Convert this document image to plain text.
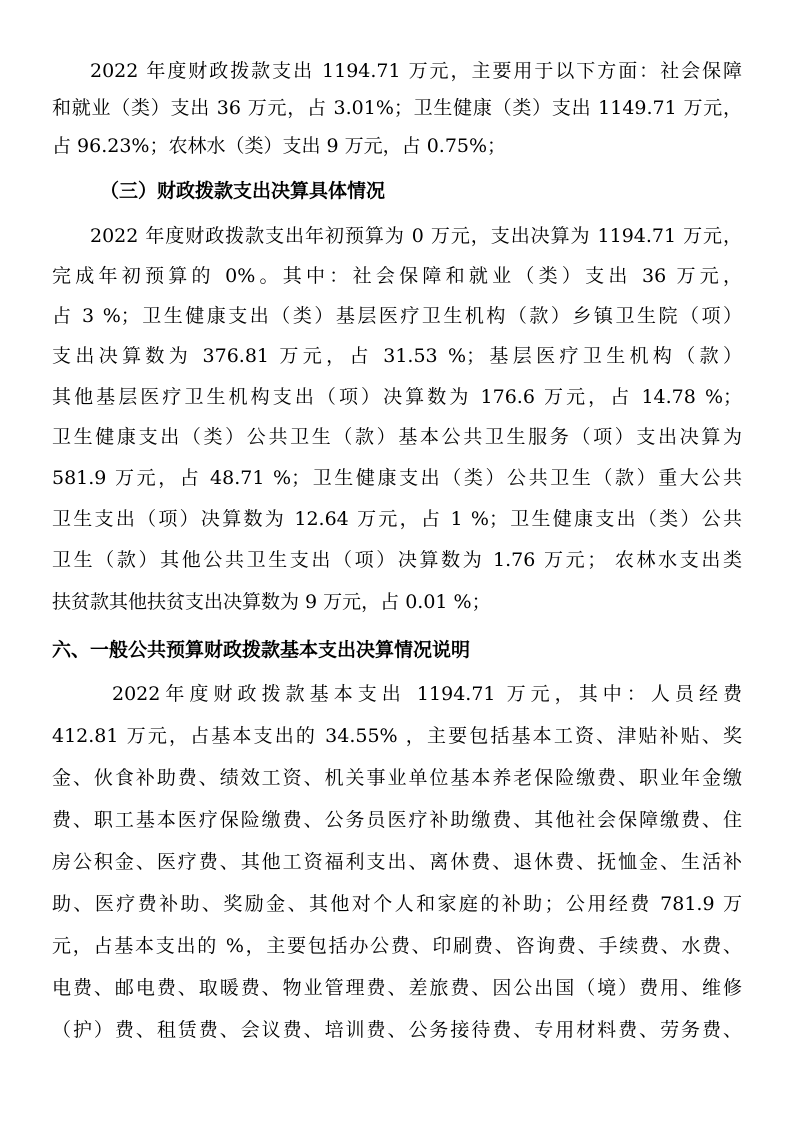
2022 年度财政拨款支出 1194.71 万元，主要用于以下方面：社会保障
和就业（类）支出 36 万元，占 3.01%；卫生健康（类）支出 1149.71 万元，
占 96.23%；农林水（类）支出 9 万元，占 0.75%；
（三）财政拨款支出决算具体情况
2022 年度财政拨款支出年初预算为 0 万元，支出决算为 1194.71 万元，
完成年初预算的 0%。其中：社会保障和就业（类）支出 36 万元，
占 3 %；卫生健康支出（类）基层医疗卫生机构（款）乡镇卫生院（项）
支出决算数为 376.81 万元，占 31.53 %；基层医疗卫生机构（款）
其他基层医疗卫生机构支出（项）决算数为 176.6 万元，占 14.78 %；
卫生健康支出（类）公共卫生（款）基本公共卫生服务（项）支出决算为
581.9 万元，占 48.71 %；卫生健康支出（类）公共卫生（款）重大公共
卫生支出（项）决算数为 12.64 万元，占 1 %；卫生健康支出（类）公共
卫生（款）其他公共卫生支出（项）决算数为 1.76 万元； 农林水支出类
扶贫款其他扶贫支出决算数为 9 万元，占 0.01 %；
六、一般公共预算财政拨款基本支出决算情况说明
2022年度财政拨款基本支出 1194.71 万元，其中：人员经费
412.81 万元，占基本支出的 34.55% ，主要包括基本工资、津贴补贴、奖
金、伙食补助费、绩效工资、机关事业单位基本养老保险缴费、职业年金缴
费、职工基本医疗保险缴费、公务员医疗补助缴费、其他社会保障缴费、住
房公积金、医疗费、其他工资福利支出、离休费、退休费、抚恤金、生活补
助、医疗费补助、奖励金、其他对个人和家庭的补助；公用经费 781.9 万
元，占基本支出的 %，主要包括办公费、印刷费、咨询费、手续费、水费、
电费、邮电费、取暖费、物业管理费、差旅费、因公出国（境）费用、维修
（护）费、租赁费、会议费、培训费、公务接待费、专用材料费、劳务费、
